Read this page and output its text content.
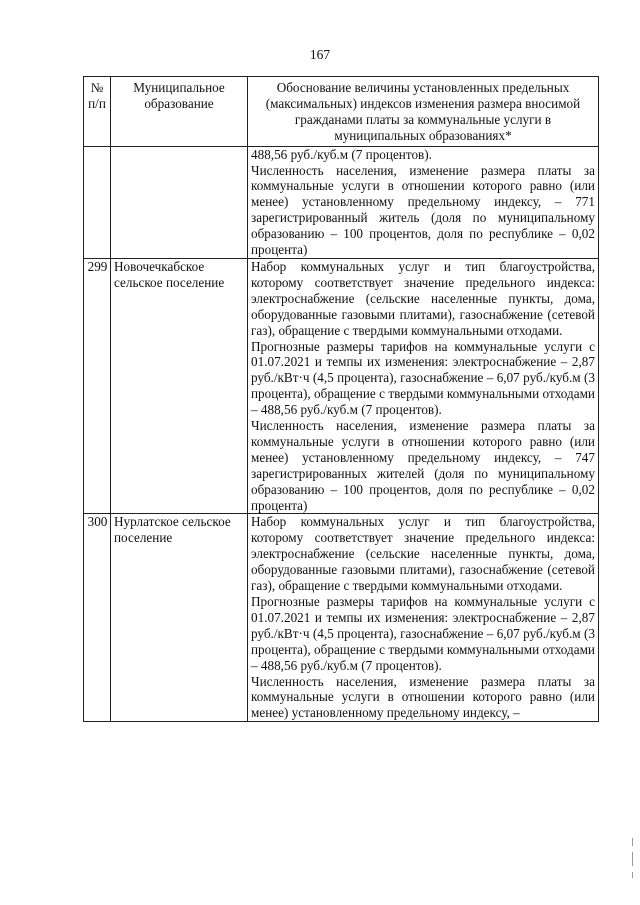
167
№ п/п	Муниципальное образование	Обоснование величины установленных предельных (максимальных) индексов изменения размера вносимой гражданами платы за коммунальные услуги в муниципальных образованиях*

		488,56 руб./куб.м (7 процентов).

Численность населения, изменение размера платы за коммунальные услуги в отношении которого равно (или менее) установленному предельному индексу, – 771 зарегистрированный житель (доля по муниципальному образованию – 100 процентов, доля по республике – 0,02 процента)

299	Новочечкабское сельское поселение	Набор коммунальных услуг и тип благоустройства, которому соответствует значение предельного индекса: электроснабжение (сельские населенные пункты, дома, оборудованные газовыми плитами), газоснабжение (сетевой газ), обращение с твердыми коммунальными отходами.

Прогнозные размеры тарифов на коммунальные услуги с 01.07.2021 и темпы их изменения: электроснабжение – 2,87 руб./кВт·ч (4,5 процента), газоснабжение – 6,07 руб./куб.м (3 процента), обращение с твердыми коммунальными отходами – 488,56 руб./куб.м (7 процентов).

Численность населения, изменение размера платы за коммунальные услуги в отношении которого равно (или менее) установленному предельному индексу, – 747 зарегистрированных жителей (доля по муниципальному образованию – 100 процентов, доля по республике – 0,02 процента)

300	Нурлатское сельское поселение	Набор коммунальных услуг и тип благоустройства, которому соответствует значение предельного индекса: электроснабжение (сельские населенные пункты, дома, оборудованные газовыми плитами), газоснабжение (сетевой газ), обращение с твердыми коммунальными отходами.

Прогнозные размеры тарифов на коммунальные услуги с 01.07.2021 и темпы их изменения: электроснабжение – 2,87 руб./кВт·ч (4,5 процента), газоснабжение – 6,07 руб./куб.м (3 процента), обращение с твердыми коммунальными отходами – 488,56 руб./куб.м (7 процентов).

Численность населения, изменение размера платы за коммунальные услуги в отношении которого равно (или менее) установленному предельному индексу, –
